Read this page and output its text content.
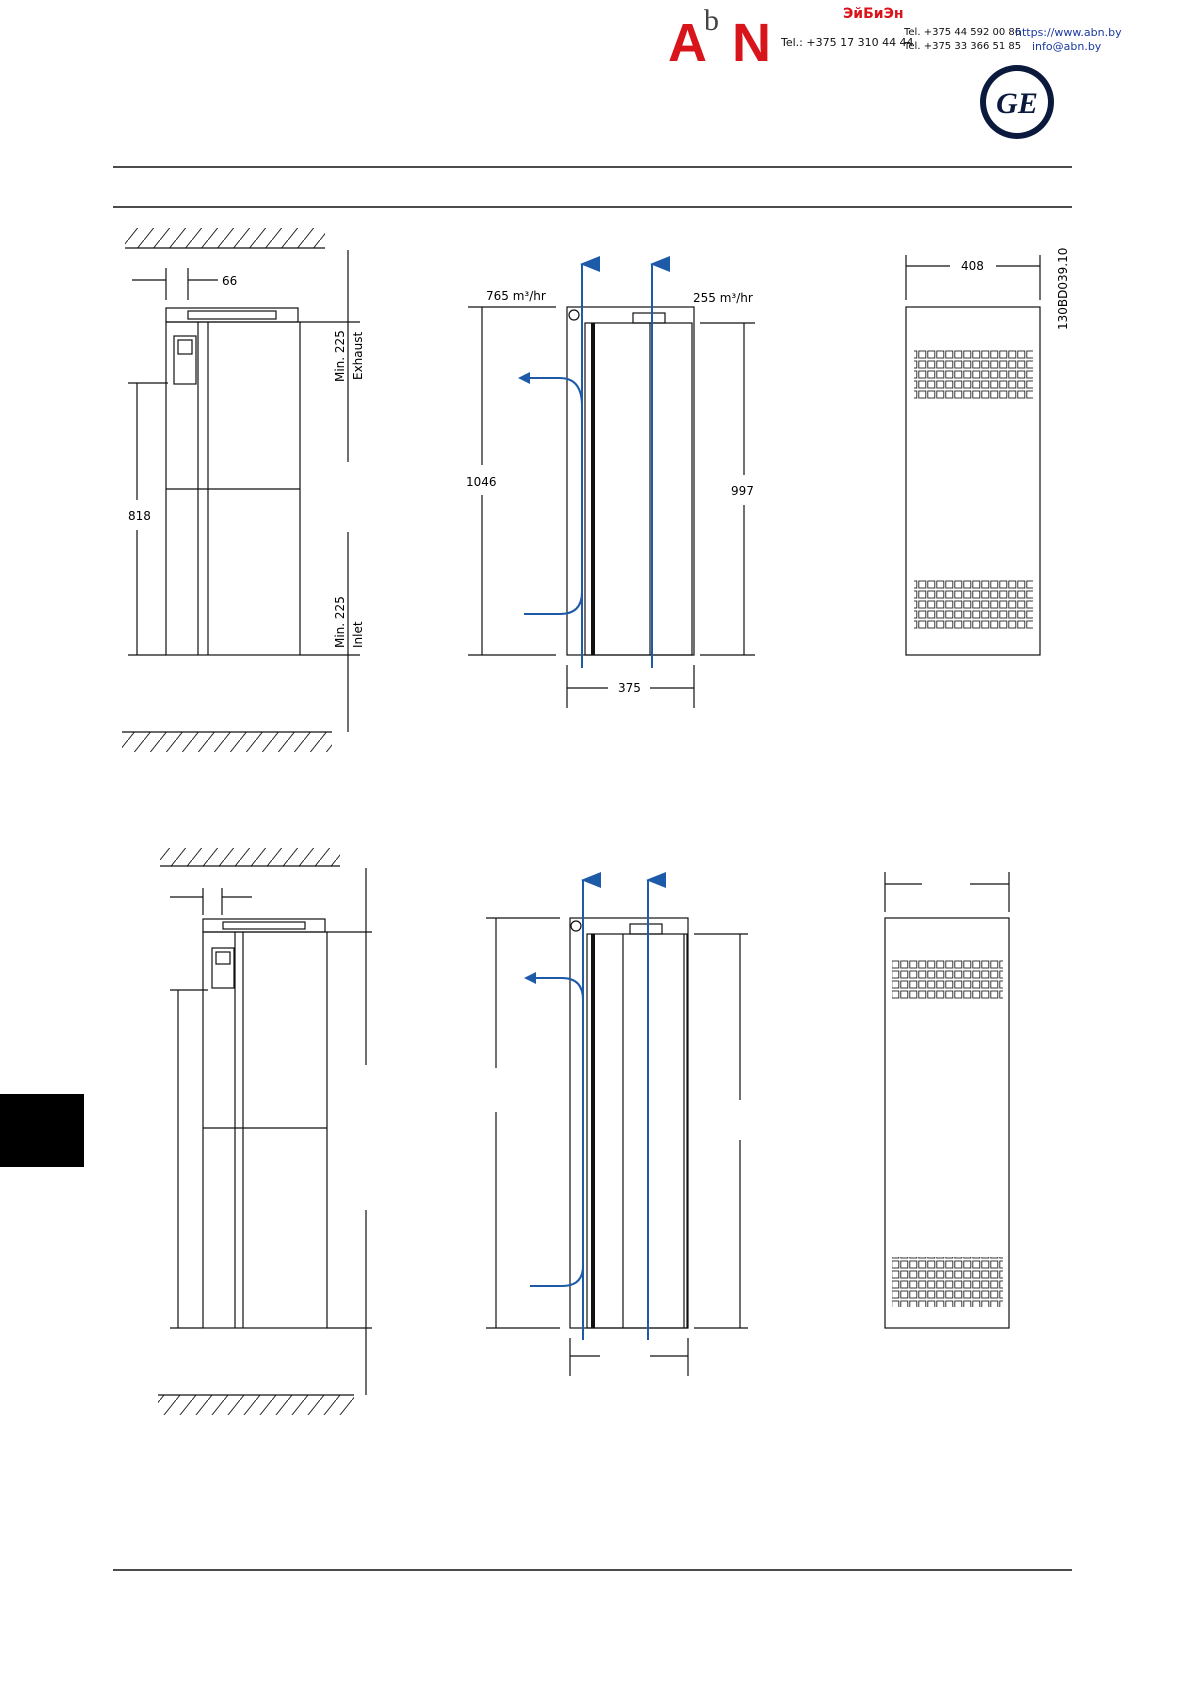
A
b N	ЭйБиЭн
Tel.: +375 17 310 44 44
Tel. +375 44 592 00 86
Tel. +375 33 366 51 85
https://www.abn.by
info@abn.by
GE
66
818
Min. 225 Exhaust
Min. 225 Inlet
765 m³/hr	255 m³/hr
1046
997
375
408	130BD039.10
